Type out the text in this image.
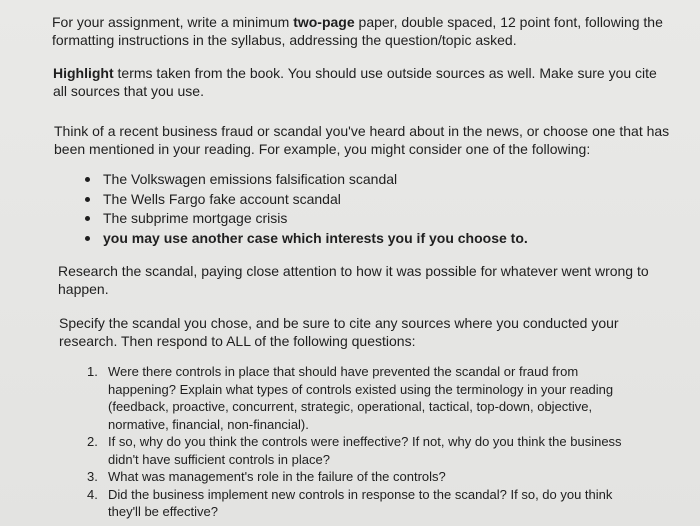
For your assignment, write a minimum two-page paper, double spaced, 12 point font, following the formatting instructions in the syllabus, addressing the question/topic asked.

Highlight terms taken from the book. You should use outside sources as well. Make sure you cite all sources that you use.

Think of a recent business fraud or scandal you've heard about in the news, or choose one that has been mentioned in your reading. For example, you might consider one of the following:

The Volkswagen emissions falsification scandal
The Wells Fargo fake account scandal
The subprime mortgage crisis
you may use another case which interests you if you choose to.

Research the scandal, paying close attention to how it was possible for whatever went wrong to happen.

Specify the scandal you chose, and be sure to cite any sources where you conducted your research. Then respond to ALL of the following questions:

1. Were there controls in place that should have prevented the scandal or fraud from happening? Explain what types of controls existed using the terminology in your reading (feedback, proactive, concurrent, strategic, operational, tactical, top-down, objective, normative, financial, non-financial).
2. If so, why do you think the controls were ineffective? If not, why do you think the business didn't have sufficient controls in place?
3. What was management's role in the failure of the controls?
4. Did the business implement new controls in response to the scandal? If so, do you think they'll be effective?
